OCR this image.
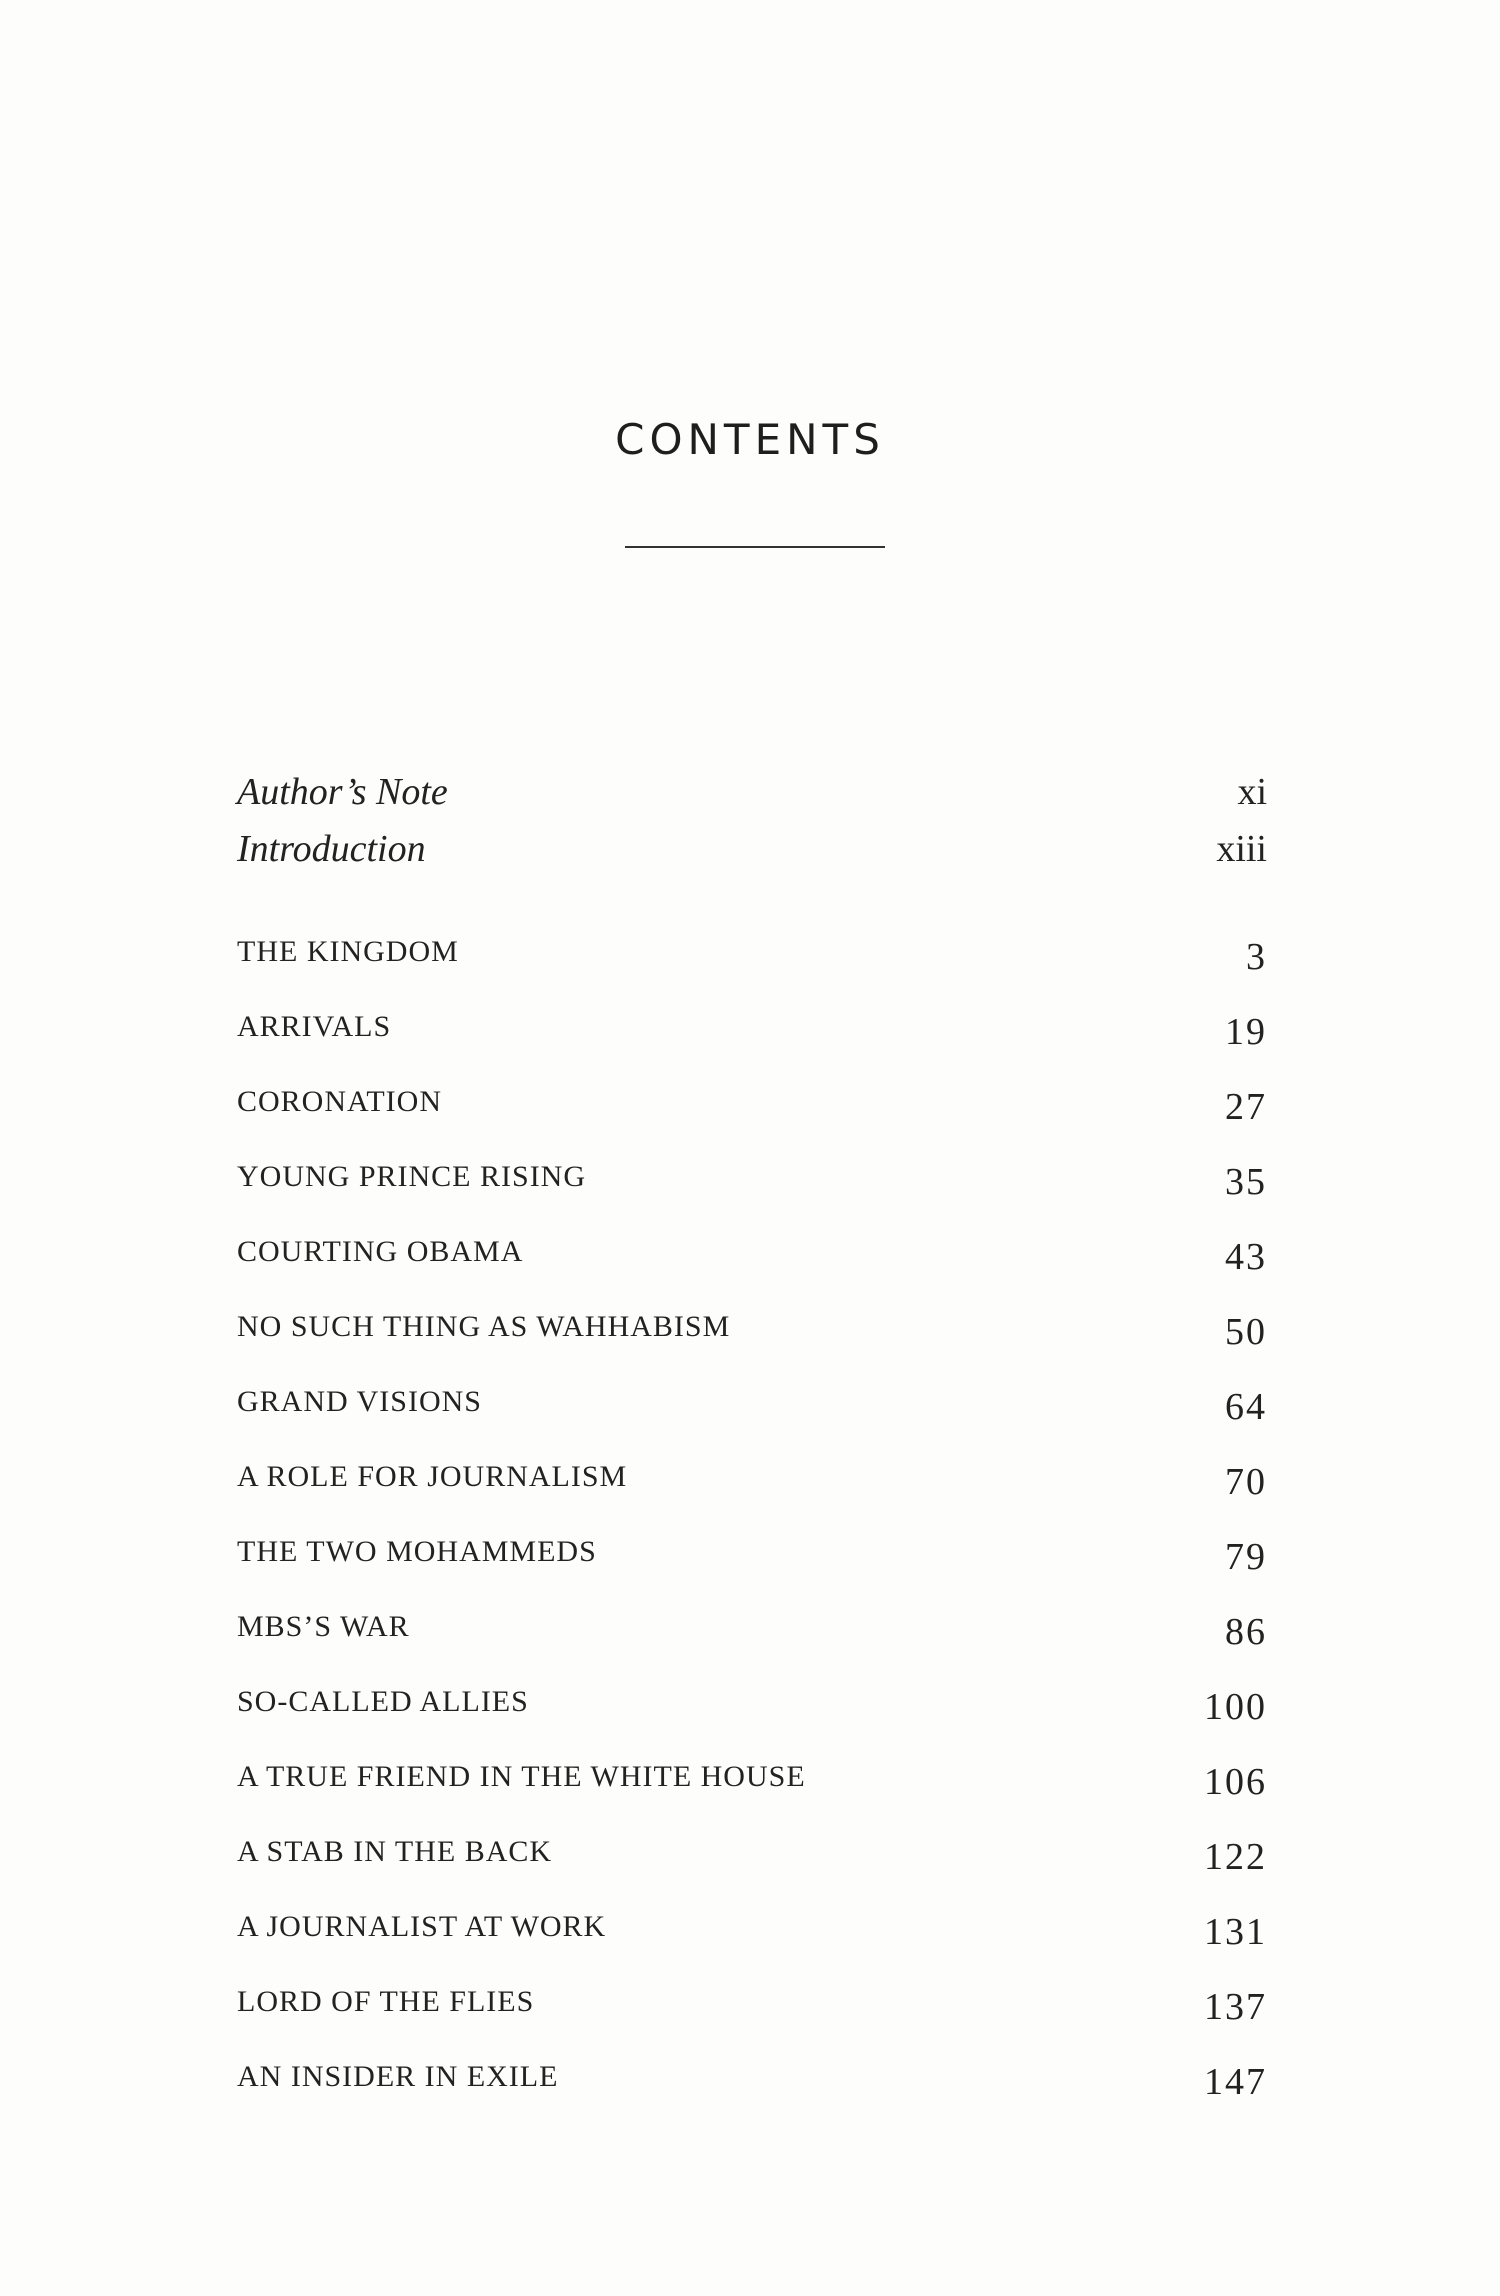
CONTENTS
Author’s Note	xi
Introduction	xiii
THE KINGDOM	3
ARRIVALS	19
CORONATION	27
YOUNG PRINCE RISING	35
COURTING OBAMA	43
NO SUCH THING AS WAHHABISM	50
GRAND VISIONS	64
A ROLE FOR JOURNALISM	70
THE TWO MOHAMMEDS	79
MBS’S WAR	86
SO-CALLED ALLIES	100
A TRUE FRIEND IN THE WHITE HOUSE	106
A STAB IN THE BACK	122
A JOURNALIST AT WORK	131
LORD OF THE FLIES	137
AN INSIDER IN EXILE	147
